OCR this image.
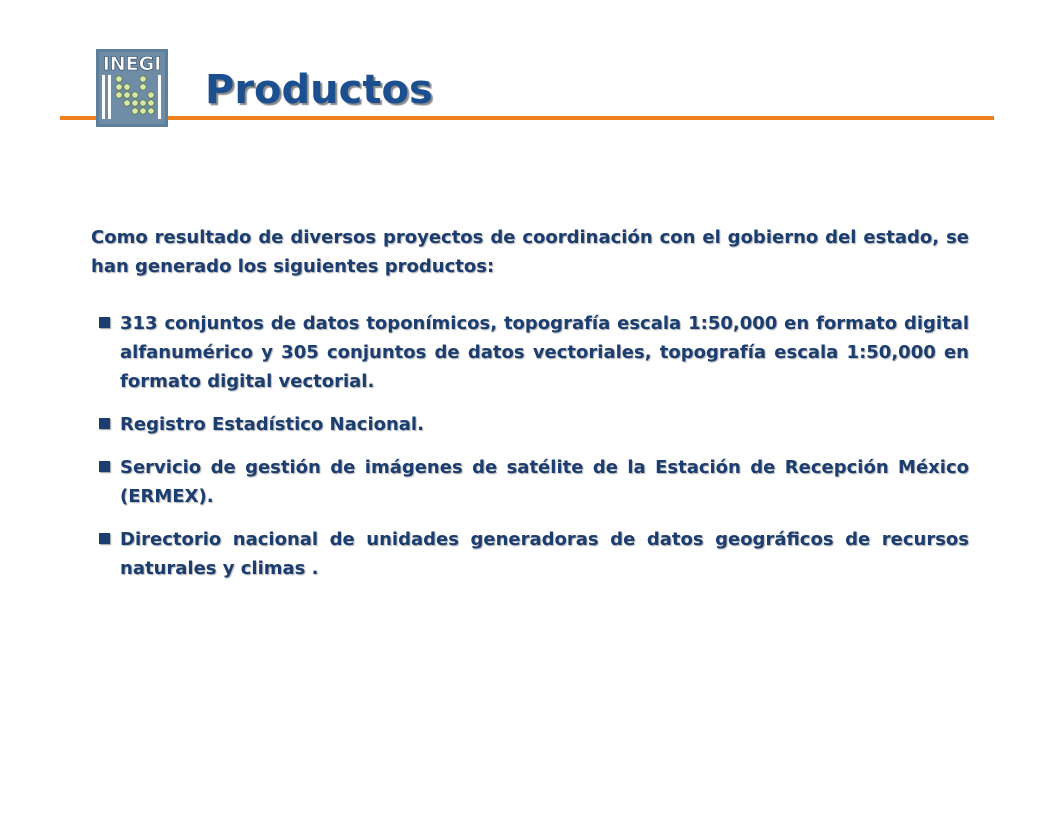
INEGI
Productos

Como resultado de diversos proyectos de coordinación con el gobierno del estado, se han generado los siguientes productos:

313 conjuntos de datos toponímicos, topografía escala 1:50,000 en formato digital alfanumérico y 305 conjuntos de datos vectoriales, topografía escala 1:50,000 en formato digital vectorial.
Registro Estadístico Nacional.
Servicio de gestión de imágenes de satélite de la Estación de Recepción México (ERMEX).
Directorio nacional de unidades generadoras de datos geográficos de recursos naturales y climas .
